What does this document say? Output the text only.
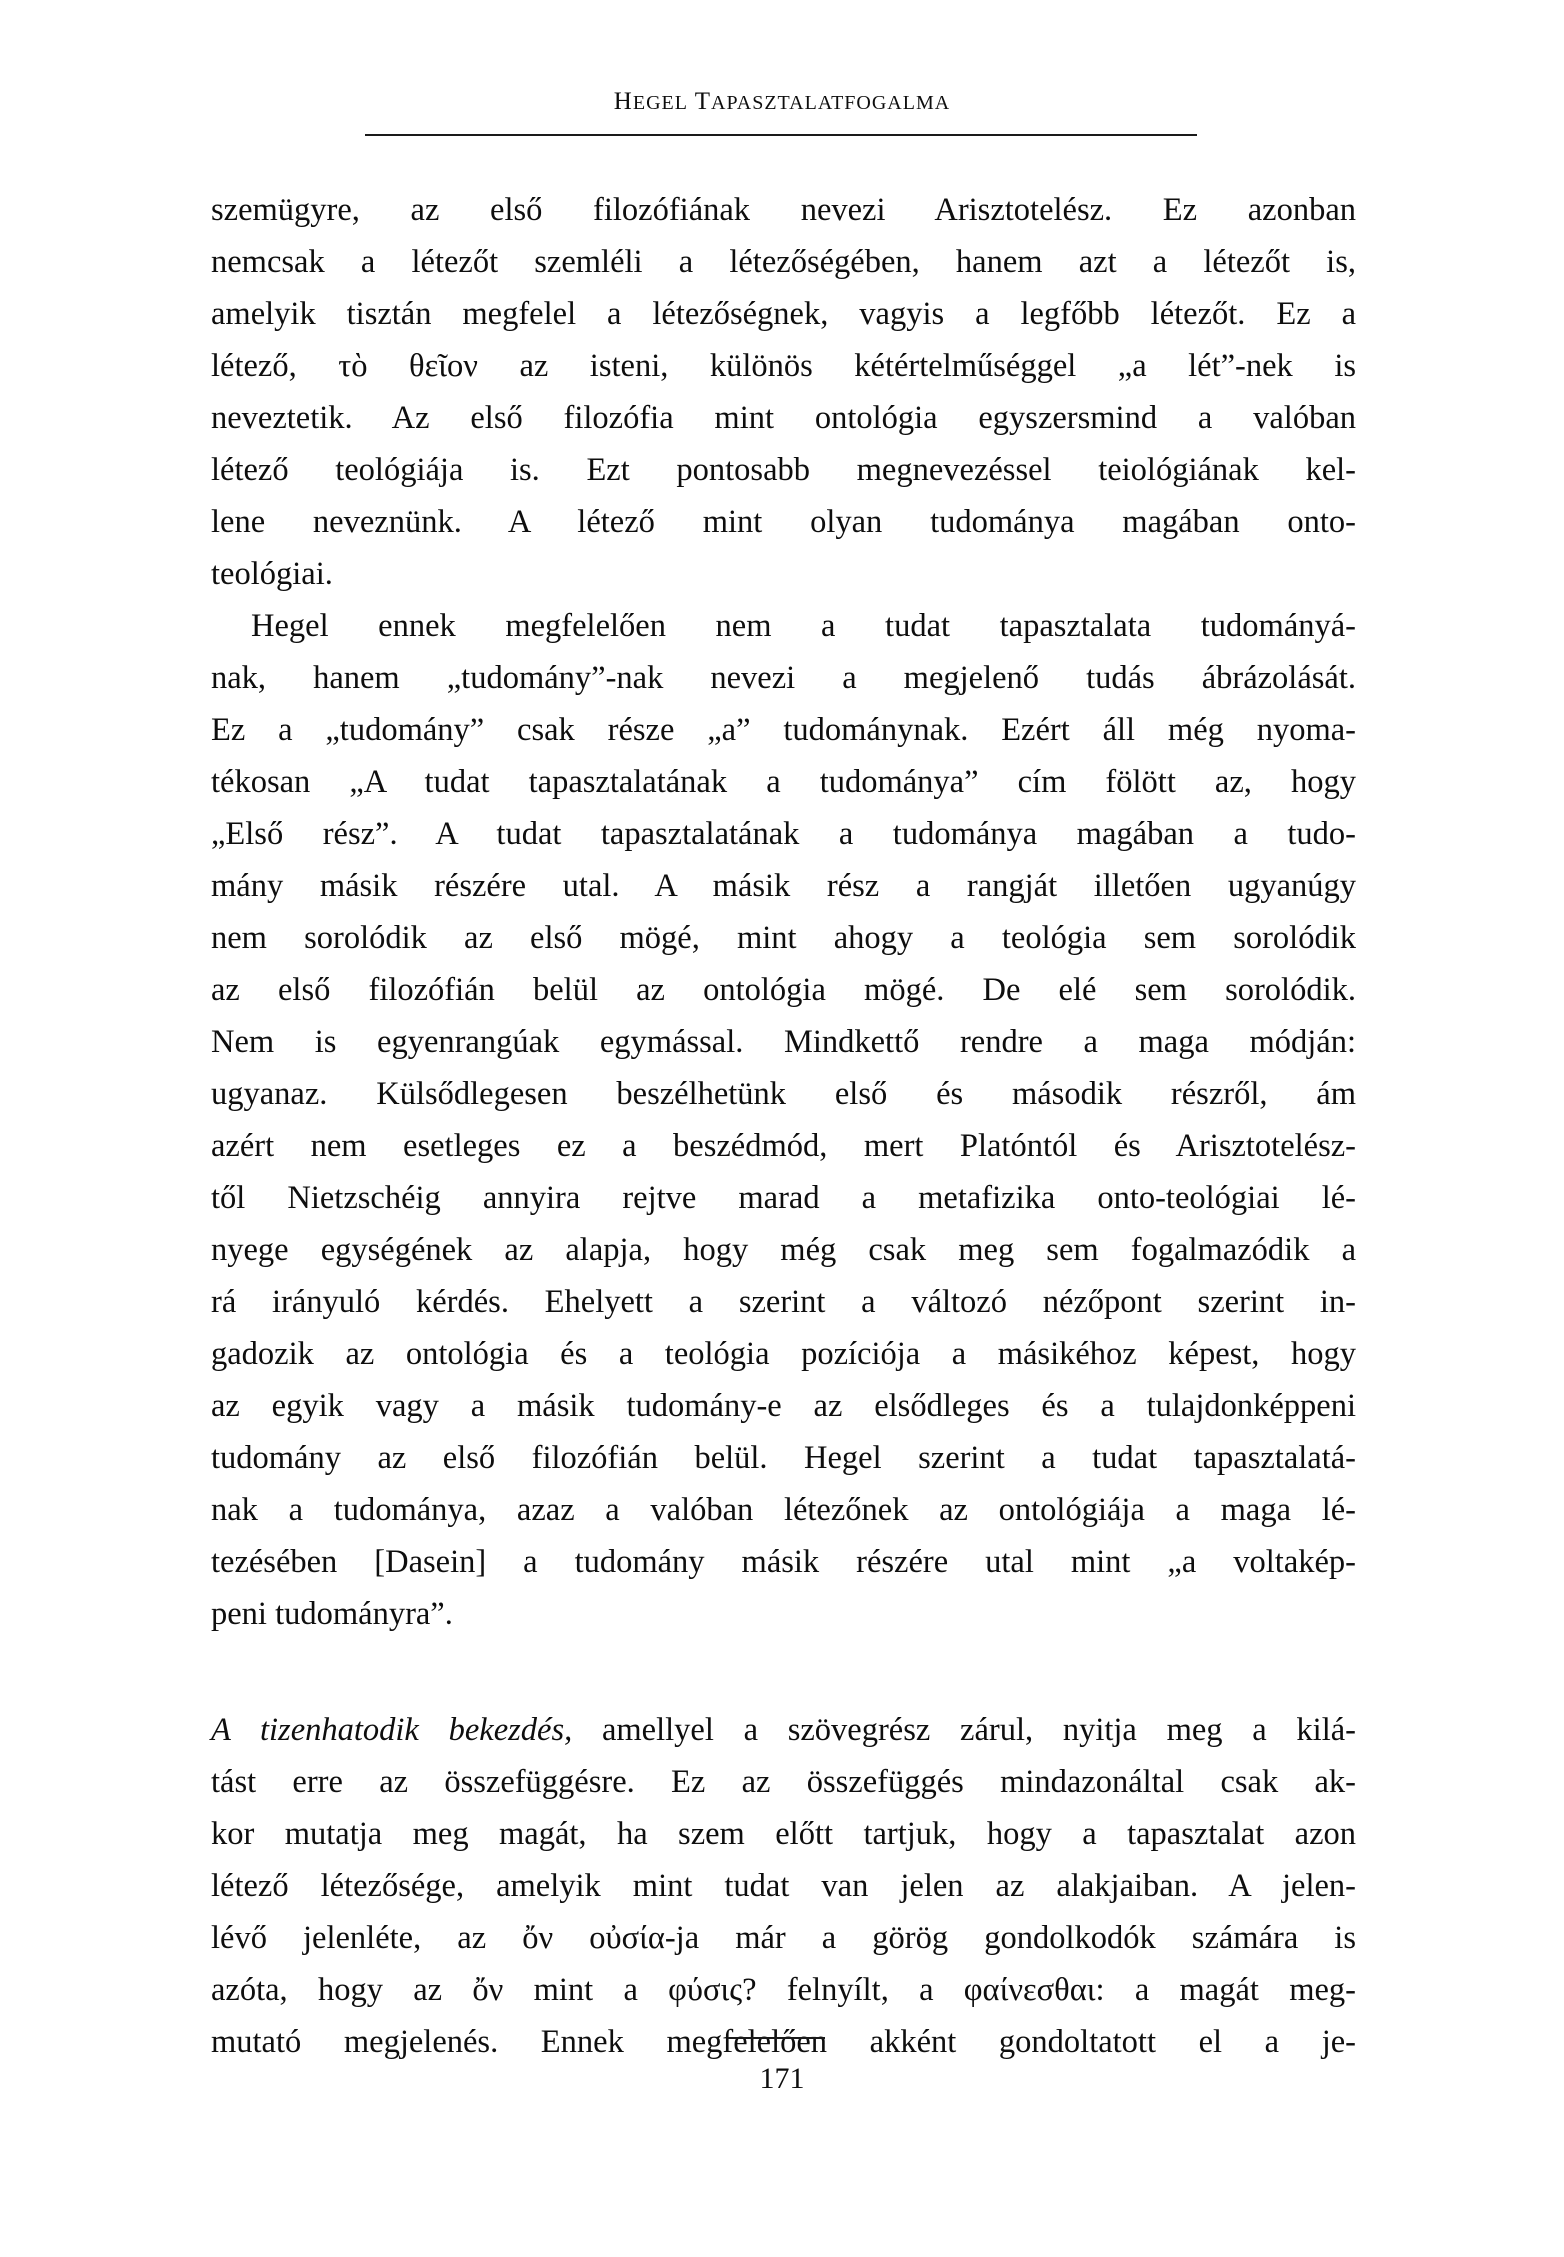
HEGEL TAPASZTALATFOGALMA
szemügyre, az első filozófiának nevezi Arisztotelész. Ez azonban
nemcsak a létezőt szemléli a létezőségében, hanem azt a létezőt is,
amelyik tisztán megfelel a létezőségnek, vagyis a legfőbb létezőt. Ez a
létező, τὸ θεῖον az isteni, különös kétértelműséggel „a lét”-nek is
neveztetik. Az első filozófia mint ontológia egyszersmind a valóban
létező teológiája is. Ezt pontosabb megnevezéssel teiológiának kel-
lene neveznünk. A létező mint olyan tudománya magában onto-
teológiai.
Hegel ennek megfelelően nem a tudat tapasztalata tudományá-
nak, hanem „tudomány”-nak nevezi a megjelenő tudás ábrázolását.
Ez a „tudomány” csak része „a” tudománynak. Ezért áll még nyoma-
tékosan „A tudat tapasztalatának a tudománya” cím fölött az, hogy
„Első rész”. A tudat tapasztalatának a tudománya magában a tudo-
mány másik részére utal. A másik rész a rangját illetően ugyanúgy
nem sorolódik az első mögé, mint ahogy a teológia sem sorolódik
az első filozófián belül az ontológia mögé. De elé sem sorolódik.
Nem is egyenrangúak egymással. Mindkettő rendre a maga módján:
ugyanaz. Külsődlegesen beszélhetünk első és második részről, ám
azért nem esetleges ez a beszédmód, mert Platóntól és Arisztotelész-
től Nietzschéig annyira rejtve marad a metafizika onto-teológiai lé-
nyege egységének az alapja, hogy még csak meg sem fogalmazódik a
rá irányuló kérdés. Ehelyett a szerint a változó nézőpont szerint in-
gadozik az ontológia és a teológia pozíciója a másikéhoz képest, hogy
az egyik vagy a másik tudomány-e az elsődleges és a tulajdonképpeni
tudomány az első filozófián belül. Hegel szerint a tudat tapasztalatá-
nak a tudománya, azaz a valóban létezőnek az ontológiája a maga lé-
tezésében [Dasein] a tudomány másik részére utal mint „a voltakép-
peni tudományra”.
A tizenhatodik bekezdés, amellyel a szövegrész zárul, nyitja meg a kilá-
tást erre az összefüggésre. Ez az összefüggés mindazonáltal csak ak-
kor mutatja meg magát, ha szem előtt tartjuk, hogy a tapasztalat azon
létező létezősége, amelyik mint tudat van jelen az alakjaiban. A jelen-
lévő jelenléte, az ὄν οὐσία-ja már a görög gondolkodók számára is
azóta, hogy az ὄν mint a φύσις? felnyílt, a φαίνεσθαι: a magát meg-
mutató megjelenés. Ennek megfelelően akként gondoltatott el a je-
171
